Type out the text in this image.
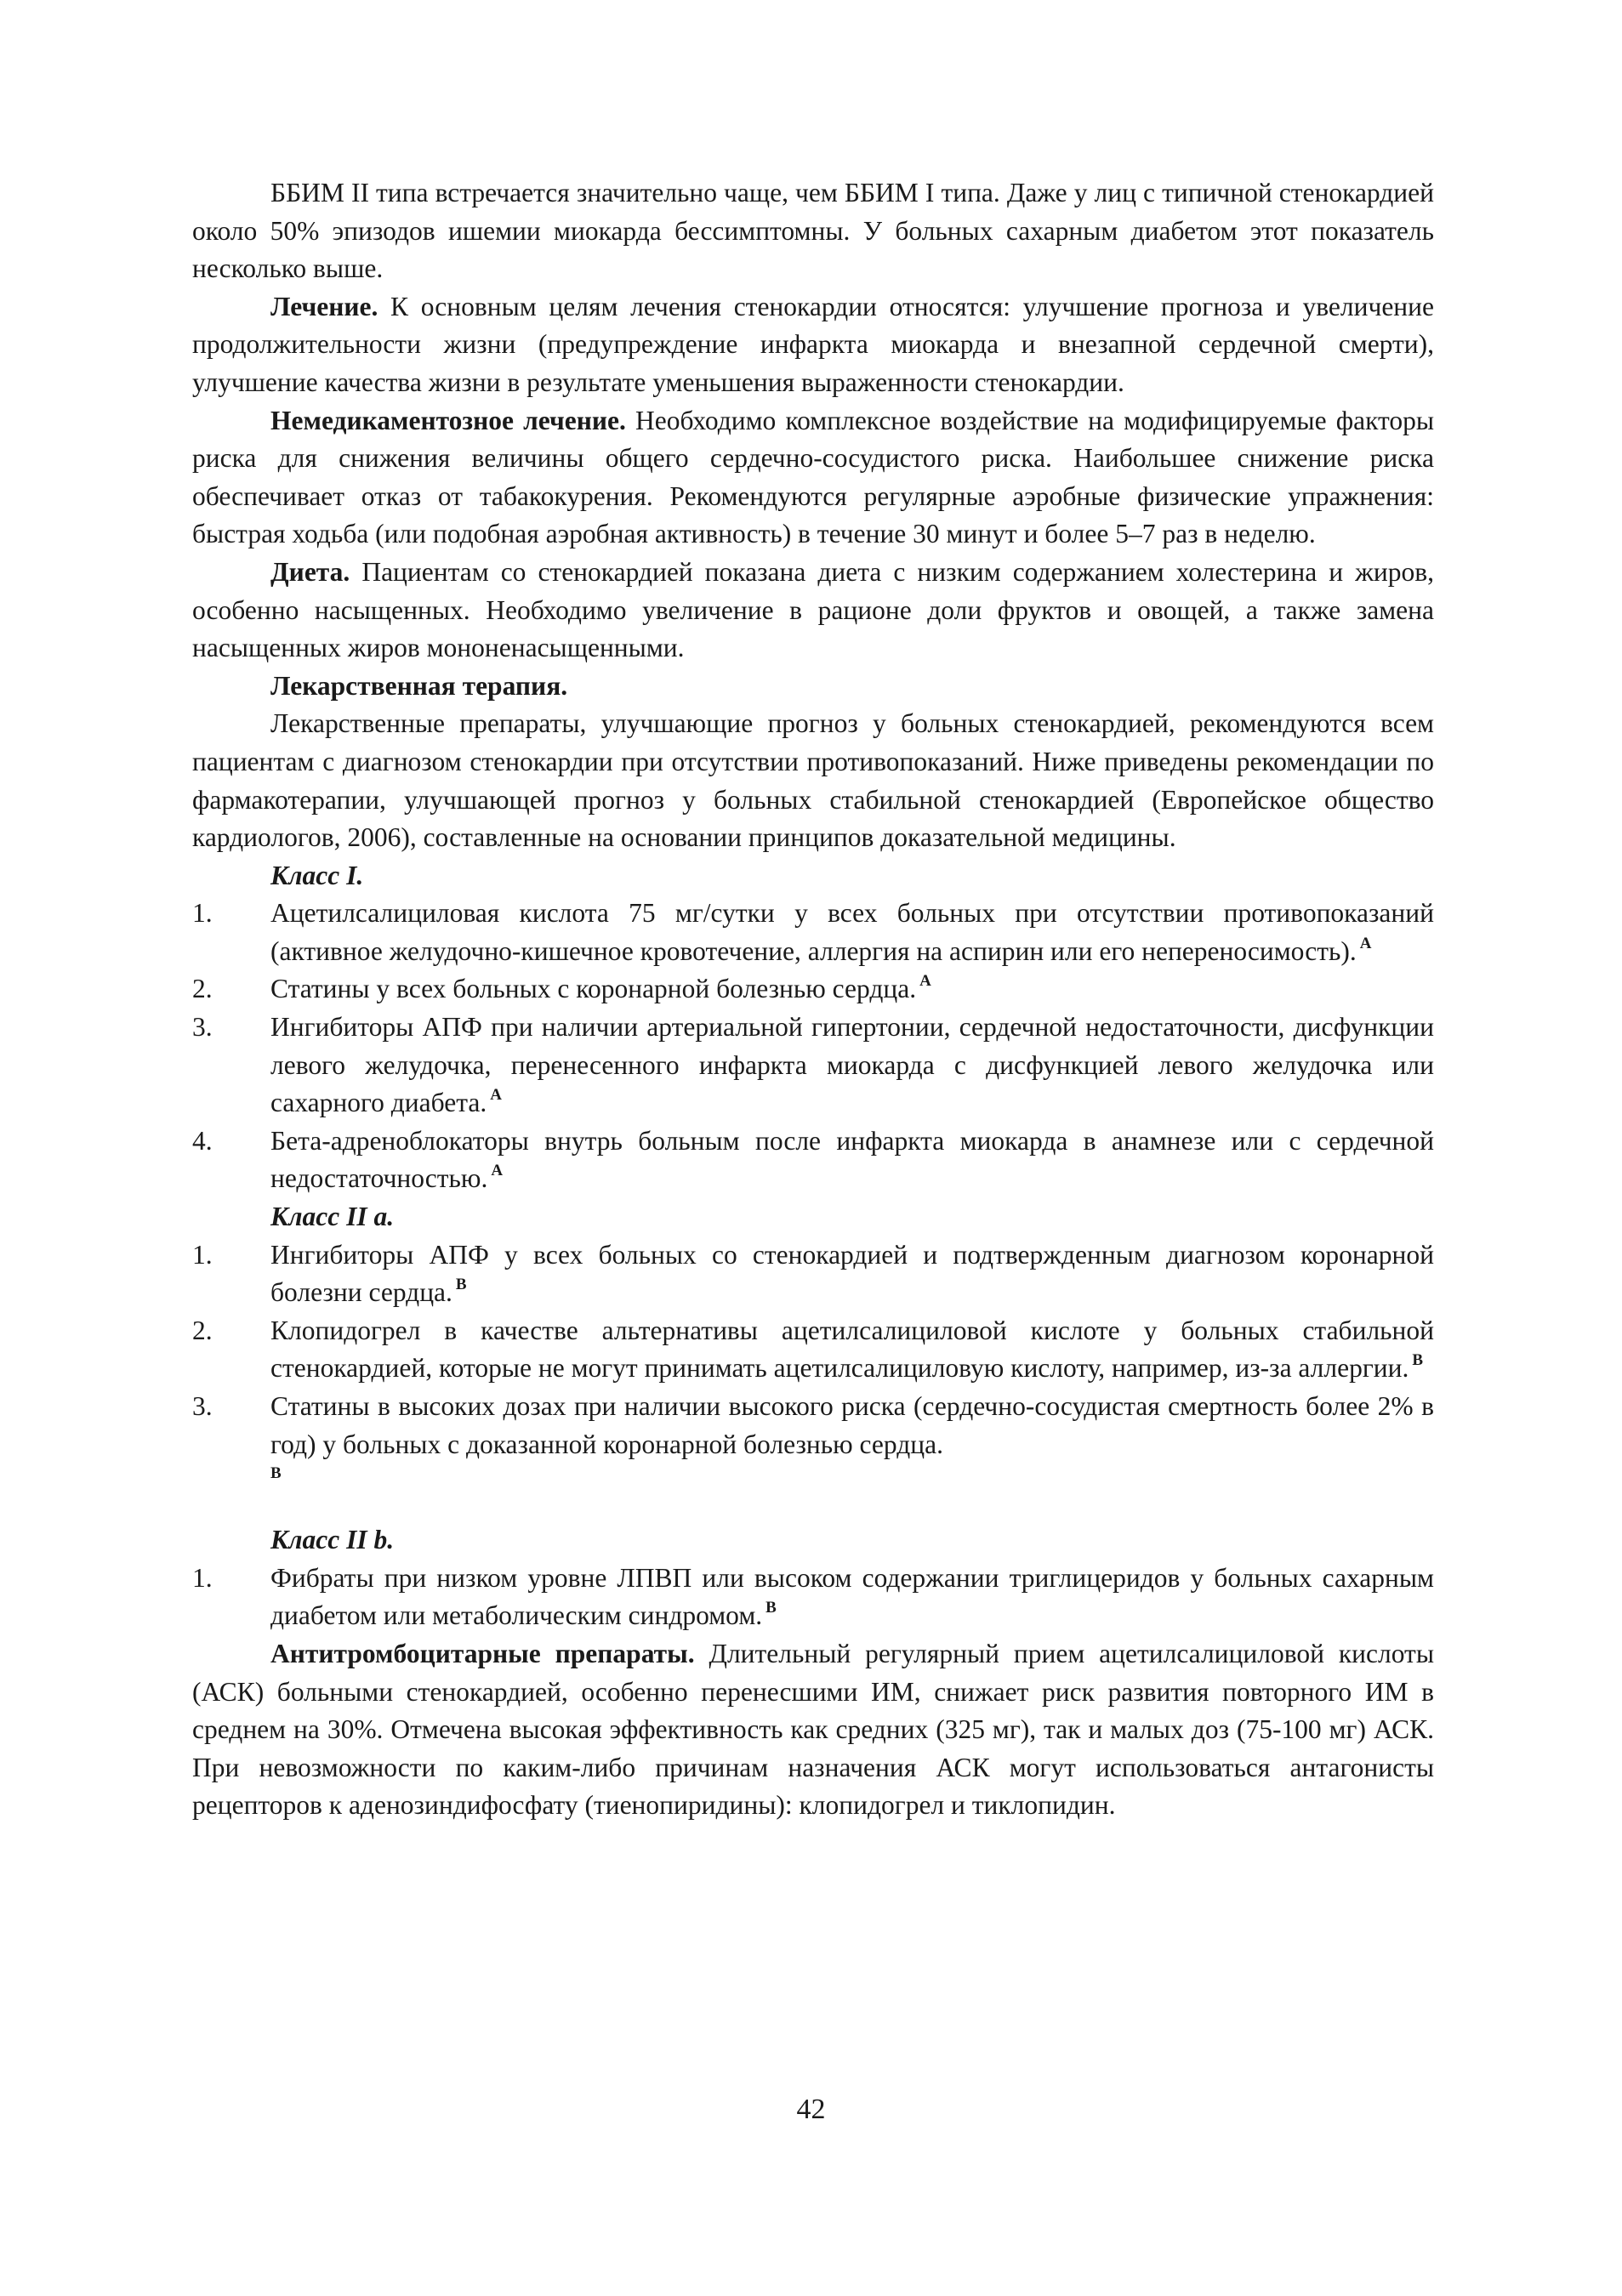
ББИМ II типа встречается значительно чаще, чем ББИМ I типа. Даже у лиц с типичной стенокардией около 50% эпизодов ишемии миокарда бессимптомны. У больных сахарным диабетом этот показатель несколько выше.

Лечение. К основным целям лечения стенокардии относятся: улучшение прогноза и увеличение продолжительности жизни (предупреждение инфаркта миокарда и внезапной сердечной смерти), улучшение качества жизни в результате уменьшения выраженности стенокардии.

Немедикаментозное лечение. Необходимо комплексное воздействие на модифицируемые факторы риска для снижения величины общего сердечно-сосудистого риска. Наибольшее снижение риска обеспечивает отказ от табакокурения. Рекомендуются регулярные аэробные физические упражнения: быстрая ходьба (или подобная аэробная активность) в течение 30 минут и более 5–7 раз в неделю.

Диета. Пациентам со стенокардией показана диета с низким содержанием холестерина и жиров, особенно насыщенных. Необходимо увеличение в рационе доли фруктов и овощей, а также замена насыщенных жиров мононенасыщенными.

Лекарственная терапия.

Лекарственные препараты, улучшающие прогноз у больных стенокардией, рекомендуются всем пациентам с диагнозом стенокардии при отсутствии противопоказаний. Ниже приведены рекомендации по фармакотерапии, улучшающей прогноз у больных стабильной стенокардией (Европейское общество кардиологов, 2006), составленные на основании принципов доказательной медицины.

Класс I.

1. Ацетилсалициловая кислота 75 мг/сутки у всех больных при отсутствии противопоказаний (активное желудочно-кишечное кровотечение, аллергия на аспирин или его непереносимость). $^A$
2. Статины у всех больных с коронарной болезнью сердца. $^A$
3. Ингибиторы АПФ при наличии артериальной гипертонии, сердечной недостаточности, дисфункции левого желудочка, перенесенного инфаркта миокарда с дисфункцией левого желудочка или сахарного диабета. $^A$
4. Бета-адреноблокаторы внутрь больным после инфаркта миокарда в анамнезе или с сердечной недостаточностью. $^A$

Класс II a.

1. Ингибиторы АПФ у всех больных со стенокардией и подтвержденным диагнозом коронарной болезни сердца. $^B$
2. Клопидогрел в качестве альтернативы ацетилсалициловой кислоте у больных стабильной стенокардией, которые не могут принимать ацетилсалициловую кислоту, например, из-за аллергии. $^B$
3. Статины в высоких дозах при наличии высокого риска (сердечно-сосудистая смертность более 2% в год) у больных с доказанной коронарной болезнью сердца.
B

Класс II b.

1. Фибраты при низком уровне ЛПВП или высоком содержании триглицеридов у больных сахарным диабетом или метаболическим синдромом. $^B$

Антитромбоцитарные препараты. Длительный регулярный прием ацетилсалициловой кислоты (АСК) больными стенокардией, особенно перенесшими ИМ, снижает риск развития повторного ИМ в среднем на 30%. Отмечена высокая эффективность как средних (325 мг), так и малых доз (75-100 мг) АСК. При невозможности по каким-либо причинам назначения АСК могут использоваться антагонисты рецепторов к аденозиндифосфату (тиенопиридины): клопидогрел и тиклопидин.

42
